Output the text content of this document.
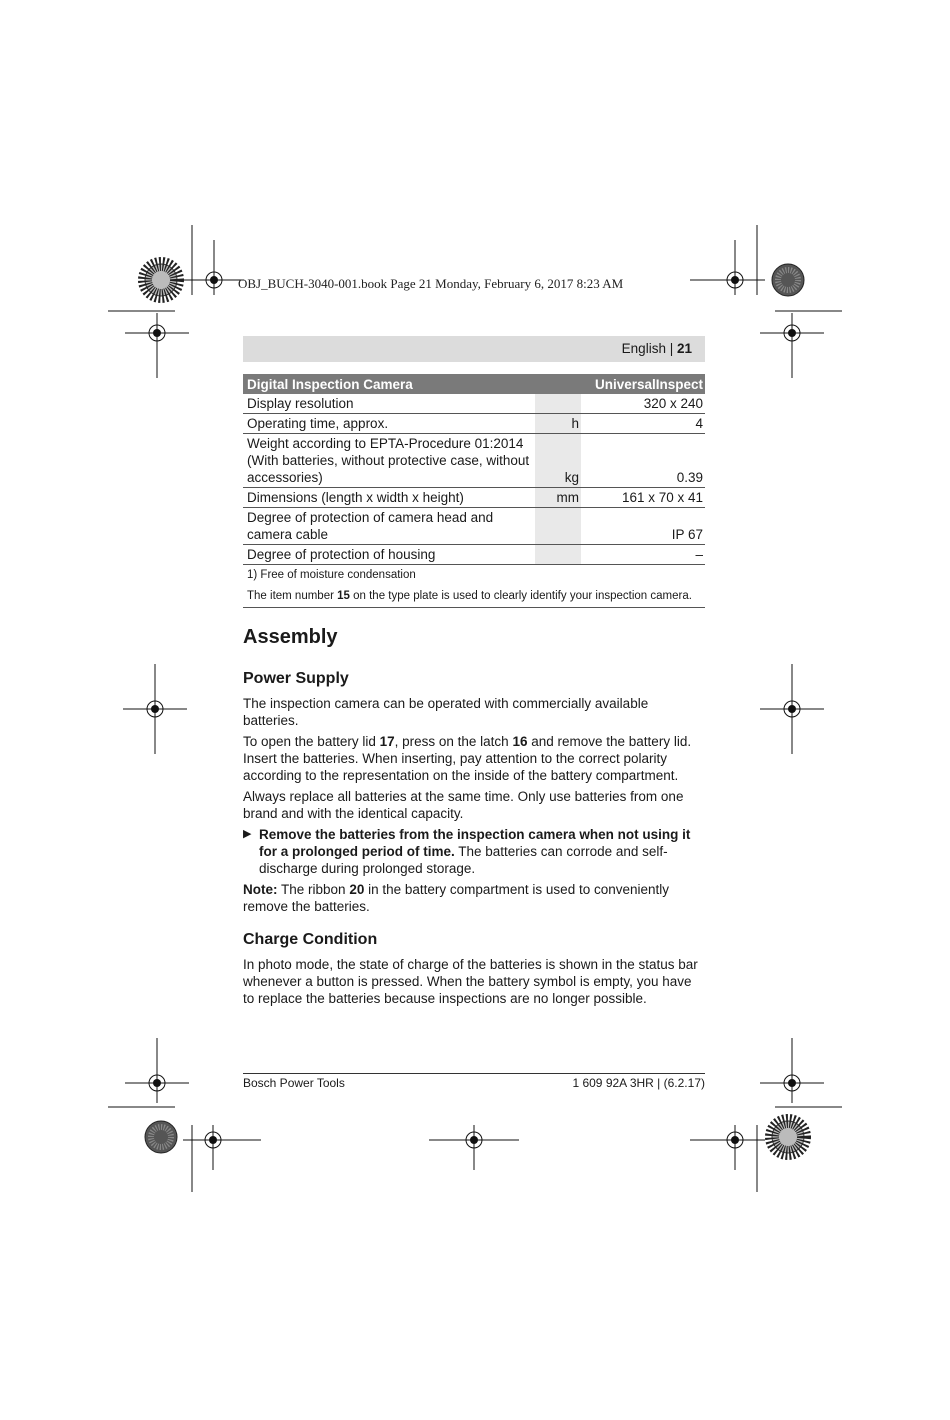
OBJ_BUCH-3040-001.book Page 21 Monday, February 6, 2017 8:23 AM
English | 21
Digital Inspection Camera		UniversalInspect
Display resolution		320 x 240
Operating time, approx.	h	4
Weight according to EPTA-Procedure 01:2014 (With batteries, without protective case, without accessories)	kg	0.39
Dimensions (length x width x height)	mm	161 x 70 x 41
Degree of protection of camera head and camera cable		IP 67
Degree of protection of housing		–
1) Free of moisture condensation		
The item number 15 on the type plate is used to clearly identify your inspection camera.		
Assembly
Power Supply

The inspection camera can be operated with commercially available batteries.

To open the battery lid 17, press on the latch 16 and remove the battery lid. Insert the batteries. When inserting, pay attention to the correct polarity according to the representation on the inside of the battery compartment.

Always replace all batteries at the same time. Only use batteries from one brand and with the identical capacity.

▶ Remove the batteries from the inspection camera when not using it for a prolonged period of time. The batteries can corrode and self-discharge during prolonged storage.

Note: The ribbon 20 in the battery compartment is used to conveniently remove the batteries.

Charge Condition

In photo mode, the state of charge of the batteries is shown in the status bar whenever a button is pressed. When the battery symbol is empty, you have to replace the batteries because inspections are no longer possible.

Bosch Power Tools	1 609 92A 3HR | (6.2.17)
